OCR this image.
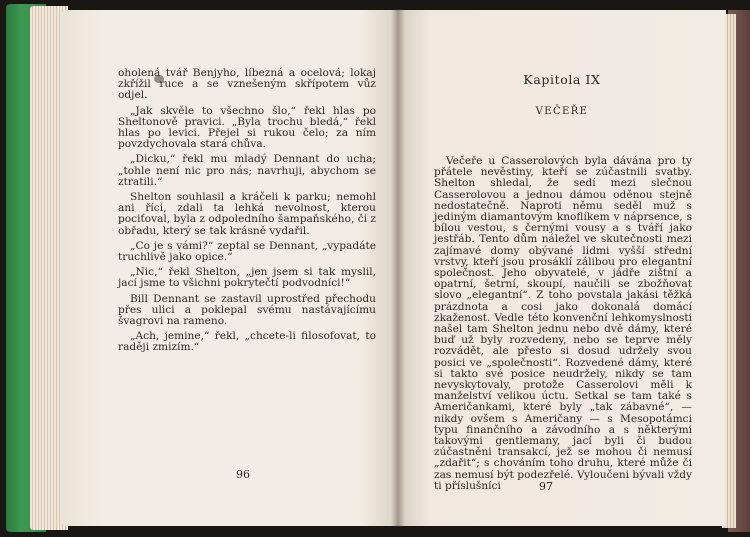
oholená tvář Benjyho, líbezná a ocelová; lokaj zkřížil ruce a se vznešeným skřípotem vůz odjel.

„Jak skvěle to všechno šlo,“ řekl hlas po Sheltonově pravici. „Byla trochu bledá,“ řekl hlas po levici. Přejel si rukou čelo; za ním povzdychovala stará chůva.

„Dicku,“ řekl mu mladý Dennant do ucha; „tohle není nic pro nás; navrhuji, abychom se ztratili.“

Shelton souhlasil a kráčeli k parku; nemohl ani říci, zdali ta lehká nevolnost, kterou pociťoval, byla z odpoledního šampaňského, či z obřadu, který se tak krásně vydařil.

„Co je s vámi?“ zeptal se Dennant, „vypadáte truchlivě jako opice.“

„Nic,“ řekl Shelton, „jen jsem si tak myslil, jací jsme to všichni pokrytečtí podvodníci!“

Bill Dennant se zastavil uprostřed přechodu přes ulici a poklepal svému nastávajícímu švagrovi na rameno.

„Ach, jemine,“ řekl, „chcete-li filosofovat, to raději zmizím.“

96
Kapitola IX
VEČEŘE

Večeře u Casserolových byla dávána pro ty přátele nevěstiny, kteří se zúčastnili svatby. Shelton shledal, že sedí mezi slečnou Casserolovou a jednou dámou oděnou stejně nedostatečně. Naproti němu seděl muž s jediným diamantovým knoflíkem v náprsence, s bílou vestou, s černými vousy a s tváří jako jestřáb. Tento dům náležel ve skutečnosti mezi zajímavé domy obývané lidmi vyšší střední vrstvy, kteří jsou prosáklí zálibou pro elegantní společnost. Jeho obyvatelé, v jádře zištní a opatrní, šetrní, skoupí, naučili se zbožňovat slovo „elegantní“. Z toho povstala jakási těžká prázdnota a cosi jako dokonalá domácí zkaženost. Vedle této konvenční lehkomyslnosti našel tam Shelton jednu nebo dvě dámy, které buď už byly rozvedeny, nebo se teprve měly rozvádět, ale přesto si dosud udržely svou posici ve „společnosti“. Rozvedené dámy, které si takto své posice neudržely, nikdy se tam nevyskytovaly, protože Casserolovi měli k manželství velikou úctu. Setkal se tam také s Američankami, které byly „tak zábavné“, — nikdy ovšem s Američany — s Mesopotámci typu finančního a závodního a s některými takovými gentlemany, jací byli či budou zúčastněni transakcí, jež se mohou či nemusí „zdařit“; s chováním toho druhu, které může či zas nemusí být podezřelé. Vyloučeni bývali vždy ti příslušníci	97
